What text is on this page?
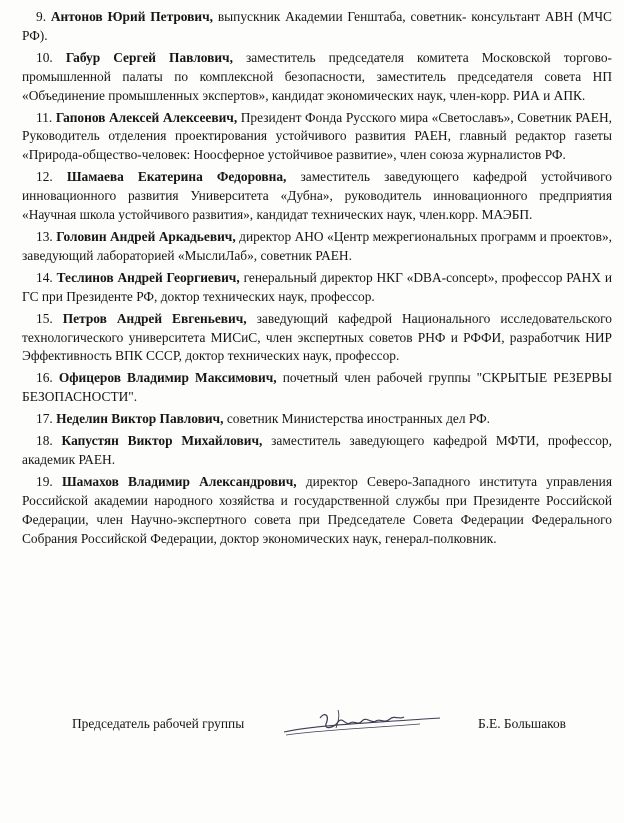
9. Антонов Юрий Петрович, выпускник Академии Генштаба, советник- консультант АВН (МЧС РФ).

10. Габур Сергей Павлович, заместитель председателя комитета Московской торгово-промышленной палаты по комплексной безопасности, заместитель председателя совета НП «Объединение промышленных экспертов», кандидат экономических наук, член-корр. РИА и АПК.

11. Гапонов Алексей Алексеевич, Президент Фонда Русского мира «Светославъ», Советник РАЕН, Руководитель отделения проектирования устойчивого развития РАЕН, главный редактор газеты «Природа-общество-человек: Ноосферное устойчивое развитие», член союза журналистов РФ.

12. Шамаева Екатерина Федоровна, заместитель заведующего кафедрой устойчивого инновационного развития Университета «Дубна», руководитель инновационного предприятия «Научная школа устойчивого развития», кандидат технических наук, член.корр. МАЭБП.

13. Головин Андрей Аркадьевич, директор АНО «Центр межрегиональных программ и проектов», заведующий лабораторией «МыслиЛаб», советник РАЕН.

14. Теслинов Андрей Георгиевич, генеральный директор НКГ «DBA-concept», профессор РАНХ и ГС при Президенте РФ, доктор технических наук, профессор.

15. Петров Андрей Евгеньевич, заведующий кафедрой Национального исследовательского технологического университета МИСиС, член экспертных советов РНФ и РФФИ, разработчик НИР Эффективность ВПК СССР, доктор технических наук, профессор.

16. Офицеров Владимир Максимович, почетный член рабочей группы "СКРЫТЫЕ РЕЗЕРВЫ БЕЗОПАСНОСТИ".

17. Неделин Виктор Павлович, советник Министерства иностранных дел РФ.

18. Капустян Виктор Михайлович, заместитель заведующего кафедрой МФТИ, профессор, академик РАЕН.

19. Шамахов Владимир Александрович, директор Северо-Западного института управления Российской академии народного хозяйства и государственной службы при Президенте Российской Федерации, член Научно-экспертного совета при Председателе Совета Федерации Федерального Собрания Российской Федерации, доктор экономических наук, генерал-полковник.

Председатель рабочей группы	Б.Е. Большаков
